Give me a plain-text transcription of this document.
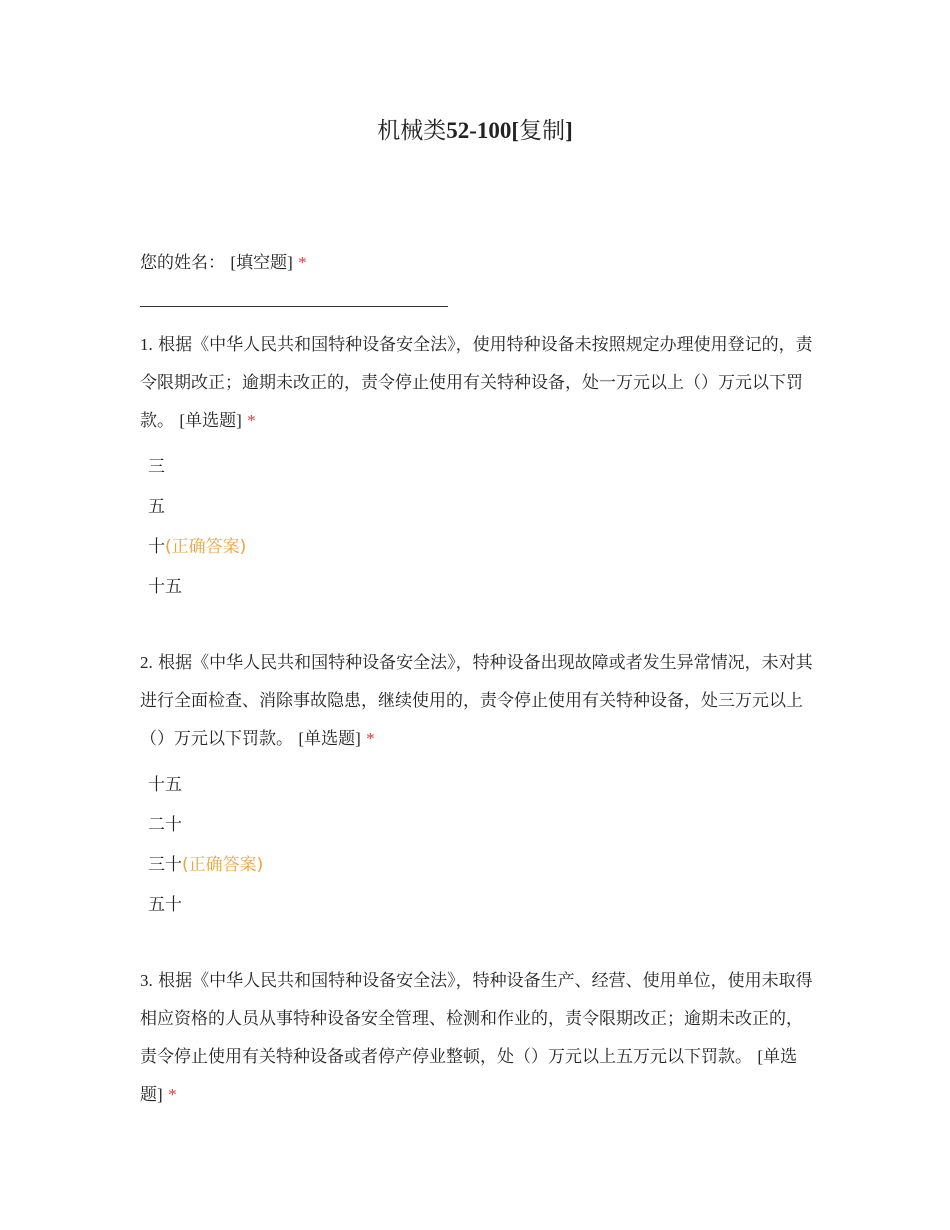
机械类52-100[复制]
您的姓名： [填空题] *
1. 根据《中华人民共和国特种设备安全法》，使用特种设备未按照规定办理使用登记的，责令限期改正；逾期未改正的，责令停止使用有关特种设备，处一万元以上（）万元以下罚款。 [单选题] *
三
五
十(正确答案)
十五
2. 根据《中华人民共和国特种设备安全法》，特种设备出现故障或者发生异常情况，未对其进行全面检查、消除事故隐患，继续使用的，责令停止使用有关特种设备，处三万元以上（）万元以下罚款。 [单选题] *
十五
二十
三十(正确答案)
五十
3. 根据《中华人民共和国特种设备安全法》，特种设备生产、经营、使用单位，使用未取得相应资格的人员从事特种设备安全管理、检测和作业的，责令限期改正；逾期未改正的，责令停止使用有关特种设备或者停产停业整顿，处（）万元以上五万元以下罚款。 [单选题] *
